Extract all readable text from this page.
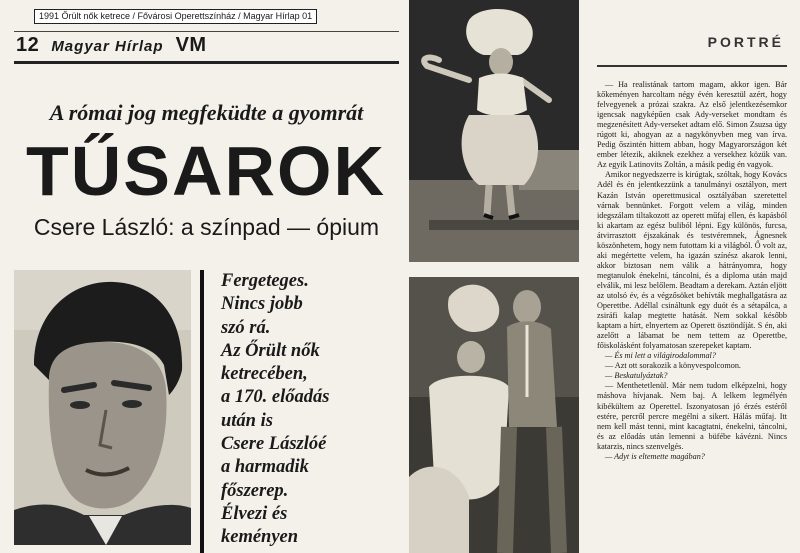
1991 Őrült nők ketrece / Fővárosi Operettszínház / Magyar Hírlap 01
12 Magyar Hírlap VM
A római jog megfeküdte a gyomrát
TŰSAROK
Csere László: a színpad — ópium
Fergeteges.
Nincs jobb
szó rá.
Az Őrült nők
ketrecében,
a 170. előadás
után is
Csere Lászlóé
a harmadik
főszerep.
Élvezi és
keményen
PORTRÉ

— Ha realistának tartom magam, akkor igen. Bár kőkeményen harcoltam négy évén keresztül azért, hogy felvegyenek a prózai szakra. Az első jelentkezésemkor igencsak nagyképűen csak Ady-verseket mondtam és megzenésített Ady-verseket adtam elő. Simon Zsuzsa úgy rúgott ki, ahogyan az a nagykönyvben meg van írva. Pedig őszintén hittem abban, hogy Magyarországon két ember létezik, akiknek ezekhez a versekhez közük van. Az egyik Latinovits Zoltán, a másik pedig én vagyok.

Amikor negyedszerre is kirúgtak, szóltak, hogy Kovács Adél és én jelentkezzünk a tanulmányi osztályon, mert Kazán István operettmusical osztályában szeretettel várnak bennünket. Forgott velem a világ, minden idegszálam tiltakozott az operett műfaj ellen, és kapásból ki akartam az egész buliból lépni. Egy különös, furcsa, átvirrasztott éjszakának és testvéremnek, Ágnesnek köszönhetem, hogy nem futottam ki a világból. Ő volt az, aki megértette velem, ha igazán színész akarok lenni, akkor biztosan nem válik a hátrányomra, hogy megtanulok énekelni, táncolni, és a diploma után majd elválik, mi lesz belőlem. Beadtam a derekam. Aztán eljött az utolsó év, és a végzősöket behívták meghallgatásra az Operettbe. Adéllal csináltunk egy duót és a sétapálca, a zsiráfi kalap megtette hatását. Nem sokkal később kaptam a hírt, elnyertem az Operett ösztöndíját. S én, aki azelőtt a lábamat be nem tettem az Operettbe, főiskolásként folyamatosan szerepeket kaptam.

— És mi lett a világirodalommal?

— Azt ott sorakozik a könyvespolcomon.

— Beskatulyáztak?

— Menthetetlenül. Már nem tudom elképzelni, hogy máshova hívjanak. Nem baj. A lelkem legmélyén kibékültem az Operettel. Iszonyatosan jó érzés estéről estére, percről percre megélni a sikert. Hálás műfaj. Itt nem kell mást tenni, mint kacagtatni, énekelni, táncolni, és az előadás után lemenni a büfébe kávézni. Nincs katarzis, nincs szenvelgés.

— Adyt is eltemette magában?
